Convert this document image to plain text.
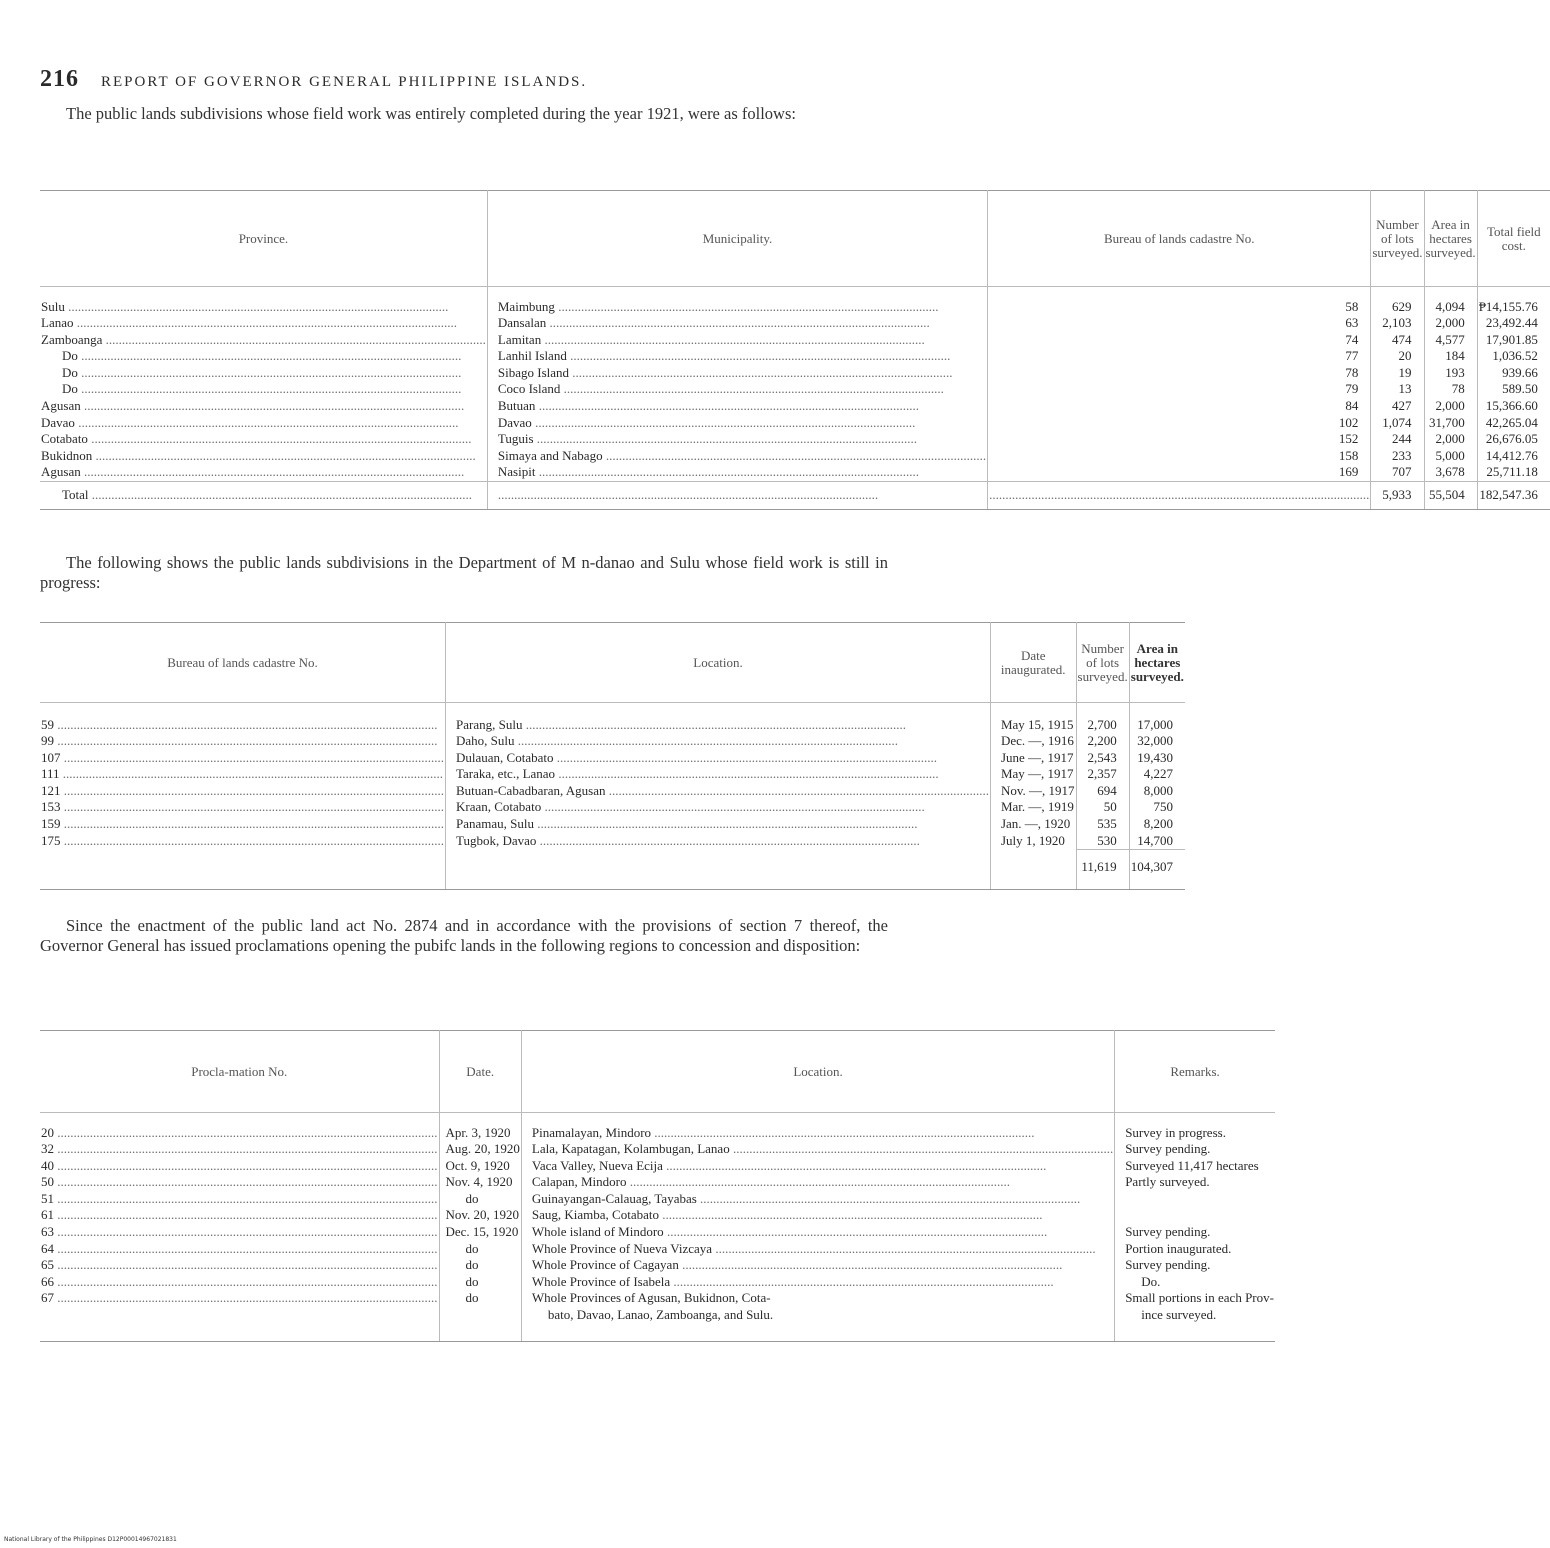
216 REPORT OF GOVERNOR GENERAL PHILIPPINE ISLANDS.

The public lands subdivisions whose field work was entirely completed during the year 1921, were as follows:

Province.	Municipality.	Bureau of lands cadastre No.	Number of lots surveyed.	Area in hectares surveyed.	Total field cost.

Sulu .....	Maimbung .....	58	629	4,094	₱14,155.76
Lanao .....	Dansalan .....	63	2,103	2,000	23,492.44
Zamboanga .....	Lamitan .....	74	474	4,577	17,901.85
Do .....	Lanhil Island .....	77	20	184	1,036.52
Do .....	Sibago Island .....	78	19	193	939.66
Do .....	Coco Island .....	79	13	78	589.50
Agusan .....	Butuan .....	84	427	2,000	15,366.60
Davao .....	Davao .....	102	1,074	31,700	42,265.04
Cotabato .....	Tuguis .....	152	244	2,000	26,676.05
Bukidnon .....	Simaya and Nabago .....	158	233	5,000	14,412.76
Agusan .....	Nasipit .....	169	707	3,678	25,711.18
Total .....	.....	.....	5,933	55,504	182,547.36

The following shows the public lands subdivisions in the Department of M n-danao and Sulu whose field work is still in progress:

Bureau of lands cadastre No.	Location.	Date inaugurated.	Number of lots surveyed.	Area in hectares surveyed.

59 .....	Parang, Sulu .....	May 15, 1915	2,700	17,000
99 .....	Daho, Sulu .....	Dec. —, 1916	2,200	32,000
107 .....	Dulauan, Cotabato .....	June —, 1917	2,543	19,430
111 .....	Taraka, etc., Lanao .....	May —, 1917	2,357	4,227
121 .....	Butuan-Cabadbaran, Agusan .....	Nov. —, 1917	694	8,000
153 .....	Kraan, Cotabato .....	Mar. —, 1919	50	750
159 .....	Panamau, Sulu .....	Jan. —, 1920	535	8,200
175 .....	Tugbok, Davao .....	July 1, 1920	530	14,700
			11,619	104,307

Since the enactment of the public land act No. 2874 and in accordance with the provisions of section 7 thereof, the Governor General has issued proclamations opening the pubifc lands in the following regions to concession and disposition:

Procla-mation No.	Date.	Location.	Remarks.

20 .....	Apr. 3, 1920	Pinamalayan, Mindoro .....	Survey in progress.
32 .....	Aug. 20, 1920	Lala, Kapatagan, Kolambugan, Lanao .....	Survey pending.
40 .....	Oct. 9, 1920	Vaca Valley, Nueva Ecija .....	Surveyed 11,417 hectares
50 .....	Nov. 4, 1920	Calapan, Mindoro .....	Partly surveyed.
51 .....	do	Guinayangan-Calauag, Tayabas .....	
61 .....	Nov. 20, 1920	Saug, Kiamba, Cotabato .....	
63 .....	Dec. 15, 1920	Whole island of Mindoro .....	Survey pending.
64 .....	do	Whole Province of Nueva Vizcaya .....	Portion inaugurated.
65 .....	do	Whole Province of Cagayan .....	Survey pending.
66 .....	do	Whole Province of Isabela .....	Do.
67 .....	do	Whole Provinces of Agusan, Bukidnon, Cota-	Small portions in each Prov-
		bato, Davao, Lanao, Zamboanga, and Sulu.	ince surveyed.
National Library of the Philippines D12P00014967021831
